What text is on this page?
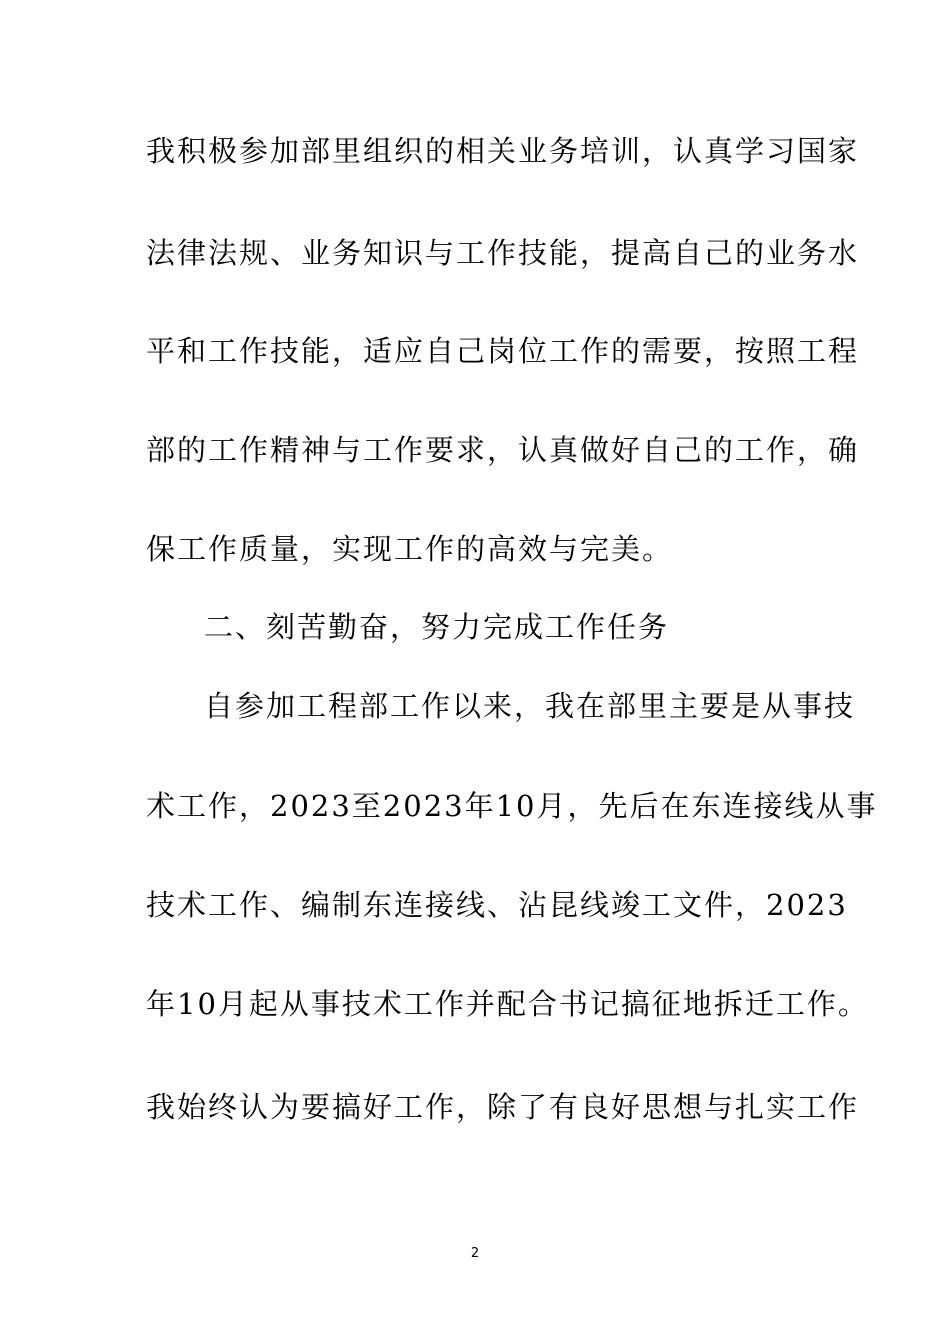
我积极参加部里组织的相关业务培训，认真学习国家
法律法规、业务知识与工作技能，提高自己的业务水
平和工作技能，适应自己岗位工作的需要，按照工程
部的工作精神与工作要求，认真做好自己的工作，确
保工作质量，实现工作的高效与完美。
二、刻苦勤奋，努力完成工作任务
自参加工程部工作以来，我在部里主要是从事技
术工作，2023至2023年10月，先后在东连接线从事
技术工作、编制东连接线、沾昆线竣工文件，2023
年10月起从事技术工作并配合书记搞征地拆迁工作。
我始终认为要搞好工作，除了有良好思想与扎实工作
2
